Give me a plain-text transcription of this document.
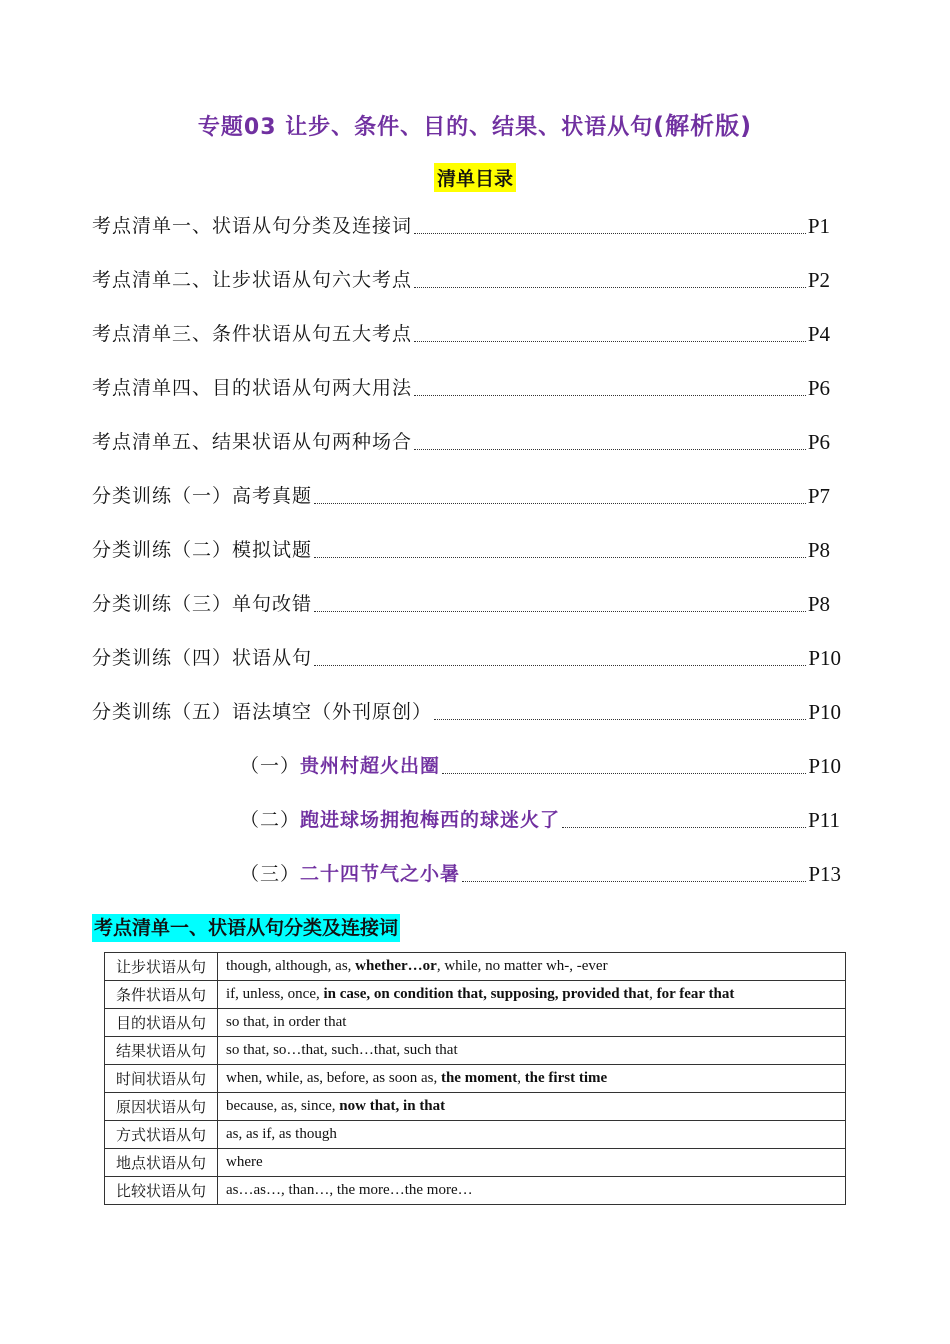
专题03 让步、条件、目的、结果、状语从句(解析版)
清单目录
考点清单一、状语从句分类及连接词	P1
考点清单二、让步状语从句六大考点	P2
考点清单三、条件状语从句五大考点	P4
考点清单四、目的状语从句两大用法	P6
考点清单五、结果状语从句两种场合	P6
分类训练（一）高考真题	P7
分类训练（二）模拟试题	P8
分类训练（三）单句改错	P8
分类训练（四）状语从句	P10
分类训练（五）语法填空（外刊原创）	P10
（一） 贵州村超火出圈	P10
（二） 跑进球场拥抱梅西的球迷火了	P11
（三） 二十四节气之小暑	P13
考点清单一、状语从句分类及连接词
让步状语从句	though, although, as, whether…or, while, no matter wh-, -ever
条件状语从句	if, unless, once, in case, on condition that, supposing, provided that, for fear that
目的状语从句	so that, in order that
结果状语从句	so that, so…that, such…that, such that
时间状语从句	when, while, as, before, as soon as, the moment, the first time
原因状语从句	because, as, since, now that, in that
方式状语从句	as, as if, as though
地点状语从句	where
比较状语从句	as…as…, than…, the more…the more…
